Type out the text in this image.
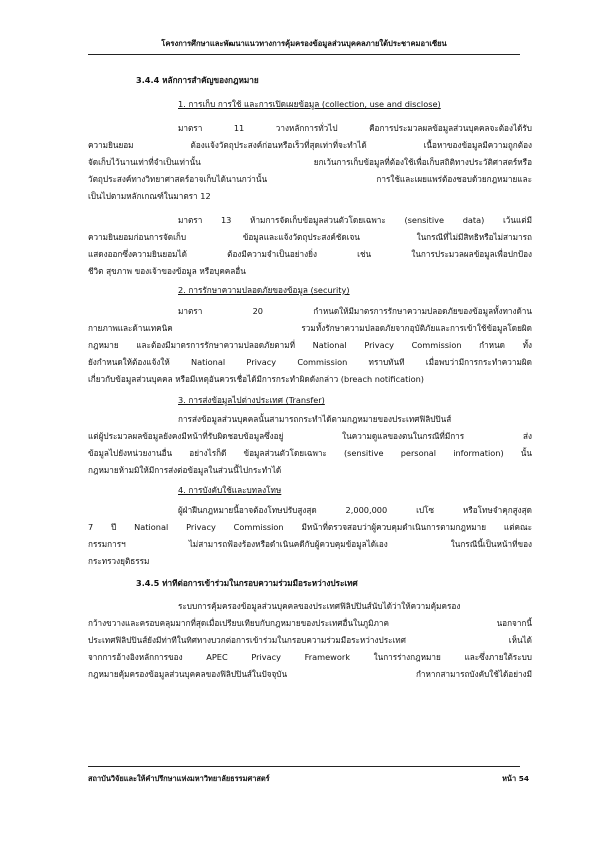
โครงการศึกษาและพัฒนาแนวทางการคุ้มครองข้อมูลส่วนบุคคลภายใต้ประชาคมอาเซียน
3.4.4 หลักการสำคัญของกฎหมาย
1. การเก็บ การใช้ และการเปิดเผยข้อมูล (collection, use and disclose)
มาตรา 11 วางหลักการทั่วไป คือการประมวลผลข้อมูลส่วนบุคคลจะต้องได้รับ
ความยินยอม ต้องแจ้งวัตถุประสงค์ก่อนหรือเร็วที่สุดเท่าที่จะทำได้ เนื้อหาของข้อมูลมีความถูกต้อง
จัดเก็บไว้นานเท่าที่จำเป็นเท่านั้น ยกเว้นการเก็บข้อมูลที่ต้องใช้เพื่อเก็บสถิติทางประวัติศาสตร์หรือ
วัตถุประสงค์ทางวิทยาศาสตร์อาจเก็บได้นานกว่านั้น การใช้และเผยแพร่ต้องชอบด้วยกฎหมายและ
เป็นไปตามหลักเกณฑ์ในมาตรา 12
มาตรา 13 ห้ามการจัดเก็บข้อมูลส่วนตัวโดยเฉพาะ (sensitive data) เว้นแต่มี
ความยินยอมก่อนการจัดเก็บ ข้อมูลและแจ้งวัตถุประสงค์ชัดเจน ในกรณีที่ไม่มีสิทธิหรือไม่สามารถ
แสดงออกซึ่งความยินยอมได้ ต้องมีความจำเป็นอย่างยิ่ง เช่น ในการประมวลผลข้อมูลเพื่อปกป้อง
ชีวิต สุขภาพ ของเจ้าของข้อมูล หรือบุคคลอื่น
2. การรักษาความปลอดภัยของข้อมูล (security)
มาตรา 20 กำหนดให้มีมาตรการรักษาความปลอดภัยของข้อมูลทั้งทางด้าน
กายภาพและด้านเทคนิค รวมทั้งรักษาความปลอดภัยจากอุบัติภัยและการเข้าใช้ข้อมูลโดยผิด
กฎหมาย และต้องมีมาตรการรักษาความปลอดภัยตามที่ National Privacy Commission กำหนด ทั้ง
ยังกำหนดให้ต้องแจ้งให้ National Privacy Commission ทราบทันที เมื่อพบว่ามีการกระทำความผิด
เกี่ยวกับข้อมูลส่วนบุคคล หรือมีเหตุอันควรเชื่อได้มีการกระทำผิดดังกล่าว (breach notification)
3. การส่งข้อมูลไปต่างประเทศ (Transfer)
การส่งข้อมูลส่วนบุคคลนั้นสามารถกระทำได้ตามกฎหมายของประเทศฟิลิปปินส์
แต่ผู้ประมวลผลข้อมูลยังคงมีหน้าที่รับผิดชอบข้อมูลซึ่งอยู่ ในความดูแลของตนในกรณีที่มีการ ส่ง
ข้อมูลไปยังหน่วยงานอื่น อย่างไรก็ดี ข้อมูลส่วนตัวโดยเฉพาะ (sensitive personal information) นั้น
กฎหมายห้ามมิให้มีการส่งต่อข้อมูลในส่วนนี้ไปกระทำได้
4. การบังคับใช้และบทลงโทษ
ผู้ฝ่าฝืนกฎหมายนี้อาจต้องโทษปรับสูงสุด 2,000,000 เปโซ หรือโทษจำคุกสูงสุด
7 ปี National Privacy Commission มีหน้าที่ตรวจสอบว่าผู้ควบคุมดำเนินการตามกฎหมาย แต่คณะ
กรรมการฯ ไม่สามารถฟ้องร้องหรือดำเนินคดีกับผู้ควบคุมข้อมูลได้เอง ในกรณีนี้เป็นหน้าที่ของ
กระทรวงยุติธรรม
3.4.5 ท่าทีต่อการเข้าร่วมในกรอบความร่วมมือระหว่างประเทศ
ระบบการคุ้มครองข้อมูลส่วนบุคคลของประเทศฟิลิปปินส์นับได้ว่าให้ความคุ้มครอง
กว้างขวางและครอบคลุมมากที่สุดเมื่อเปรียบเทียบกับกฎหมายของประเทศอื่นในภูมิภาค นอกจากนี้
ประเทศฟิลิปปินส์ยังมีท่าทีในทิศทางบวกต่อการเข้าร่วมในกรอบความร่วมมือระหว่างประเทศ เห็นได้
จากการอ้างอิงหลักการของ APEC Privacy Framework ในการร่างกฎหมาย และซึ่งภายใต้ระบบ
กฎหมายคุ้มครองข้อมูลส่วนบุคคลของฟิลิปปินส์ในปัจจุบัน กำหากสามารถบังคับใช้ได้อย่างมี
สถาบันวิจัยและให้คำปรึกษาแห่งมหาวิทยาลัยธรรมศาสตร์	หน้า 54
